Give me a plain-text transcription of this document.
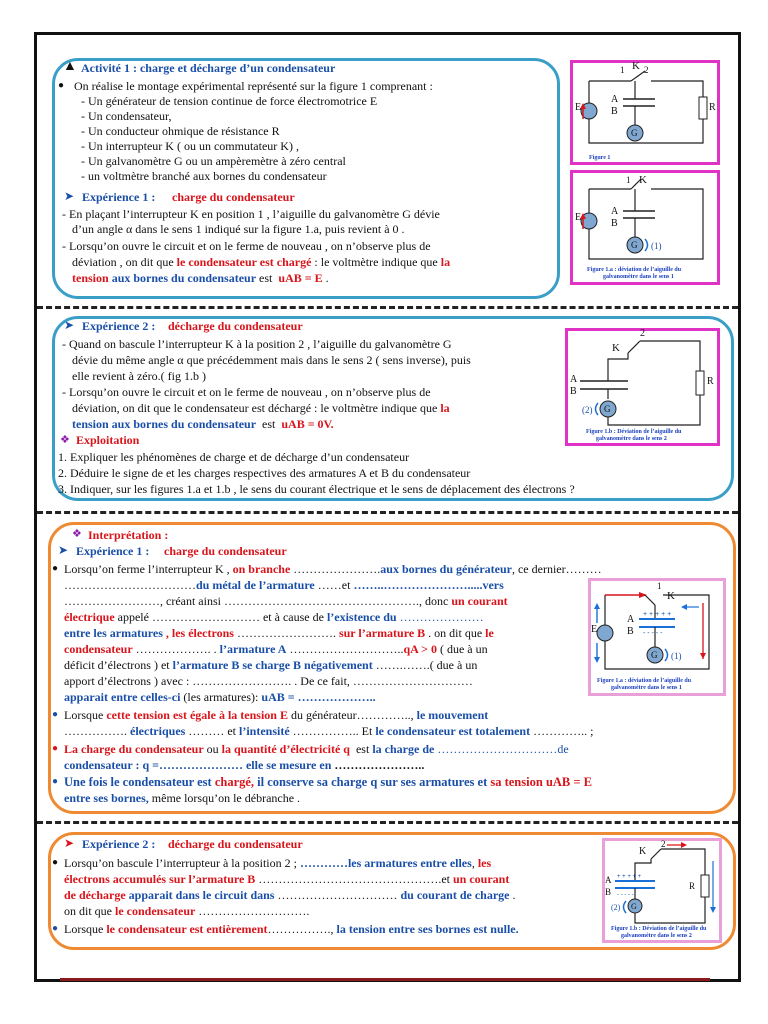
▲ Activité 1 : charge et décharge d’un condensateur
● On réalise le montage expérimental représenté sur la figure 1 comprenant :
- Un générateur de tension continue de force électromotrice E
- Un condensateur,
- Un conducteur ohmique de résistance R
- Un interrupteur K ( ou un commutateur K) ,
- Un galvanomètre G ou un ampèremètre à zéro central
- un voltmètre branché aux bornes du condensateur
➤ Expérience 1 : charge du condensateur
- En plaçant l’interrupteur K en position 1 , l’aiguille du galvanomètre G dévie
d’un angle α dans le sens 1 indiqué sur la figure 1.a, puis revient à 0 .
- Lorsqu’on ouvre le circuit et on le ferme de nouveau , on n’observe plus de
déviation , on dit que le condensateur est chargé : le voltmètre indique que la
tension aux bornes du condensateur est uAB = E .
1 K 2
E
A
B	R
G
Figure 1
1 K
E
A
B
G (1)
Figure 1.a : déviation de l’aiguille du
galvanomètre dans le sens 1
➤ Expérience 2 : décharge du condensateur
- Quand on bascule l’interrupteur K à la position 2 , l’aiguille du galvanomètre G
dévie du même angle α que précédemment mais dans le sens 2 ( sens inverse), puis
elle revient à zéro.( fig 1.b )
- Lorsqu’on ouvre le circuit et on le ferme de nouveau , on n’observe plus de
déviation, on dit que le condensateur est déchargé : le voltmètre indique que la
tension aux bornes du condensateur est uAB = 0V.
❖ Exploitation
1. Expliquer les phénomènes de charge et de décharge d’un condensateur
2. Déduire le signe de et les charges respectives des armatures A et B du condensateur
3. Indiquer, sur les figures 1.a et 1.b , le sens du courant électrique et le sens de déplacement des électrons ?
K
2
A
B
R
G
(2)
Figure 1.b : Déviation de l’aiguille du
galvanomètre dans le sens 2
❖ Interprétation :
➤ Expérience 1 : charge du condensateur
● Lorsqu’on ferme l’interrupteur K , on branche ………………….aux bornes du générateur, ce dernier………
……………………………du métal de l’armature ……et ……..………………….....vers
……………………, créant ainsi …………………………………………., donc un courant
électrique appelé ……………………… et à cause de l’existence du …………………
entre les armatures , les électrons ……………………. sur l’armature B . on dit que le
condensateur ………………. . l’armature A ………………………..qA > 0 ( due à un
déficit d’électrons ) et l’armature B se charge B négativement …….…….( due à un
apport d’électrons ) avec : ……………………. . De ce fait, …………………………
apparait entre celles-ci (les armatures): uAB = ………………..
● Lorsque cette tension est égale à la tension E du générateur………….., le mouvement
……………. électriques ……… et l’intensité …………….. Et le condensateur est totalement ………….. ;
● La charge du condensateur ou la quantité d’électricité q est la charge de …………………………de
condensateur : q =………………… elle se mesure en …………………..
● Une fois le condensateur est chargé, il conserve sa charge q sur ses armatures et sa tension uAB = E
entre ses bornes, même lorsqu’on le débranche .
+ + + + +
- - - - -
1
K
E
A
B
G (1)
Figure 1.a : déviation de l’aiguille du
galvanomètre dans le sens 1
➤ Expérience 2 : décharge du condensateur
● Lorsqu’on bascule l’interrupteur à la position 2 ; …………les armatures entre elles, les
électrons accumulés sur l’armature B ……………………………………….et un courant
de décharge apparait dans le circuit dans ………………………… du courant de charge .
on dit que le condensateur ……………………….
● Lorsque le condensateur est entièrement……………., la tension entre ses bornes est nulle.
+ + + + +
- - - - -
K
2
A
B
R
G
(2)
Figure 1.b : Déviation de l’aiguille du
galvanomètre dans le sens 2
